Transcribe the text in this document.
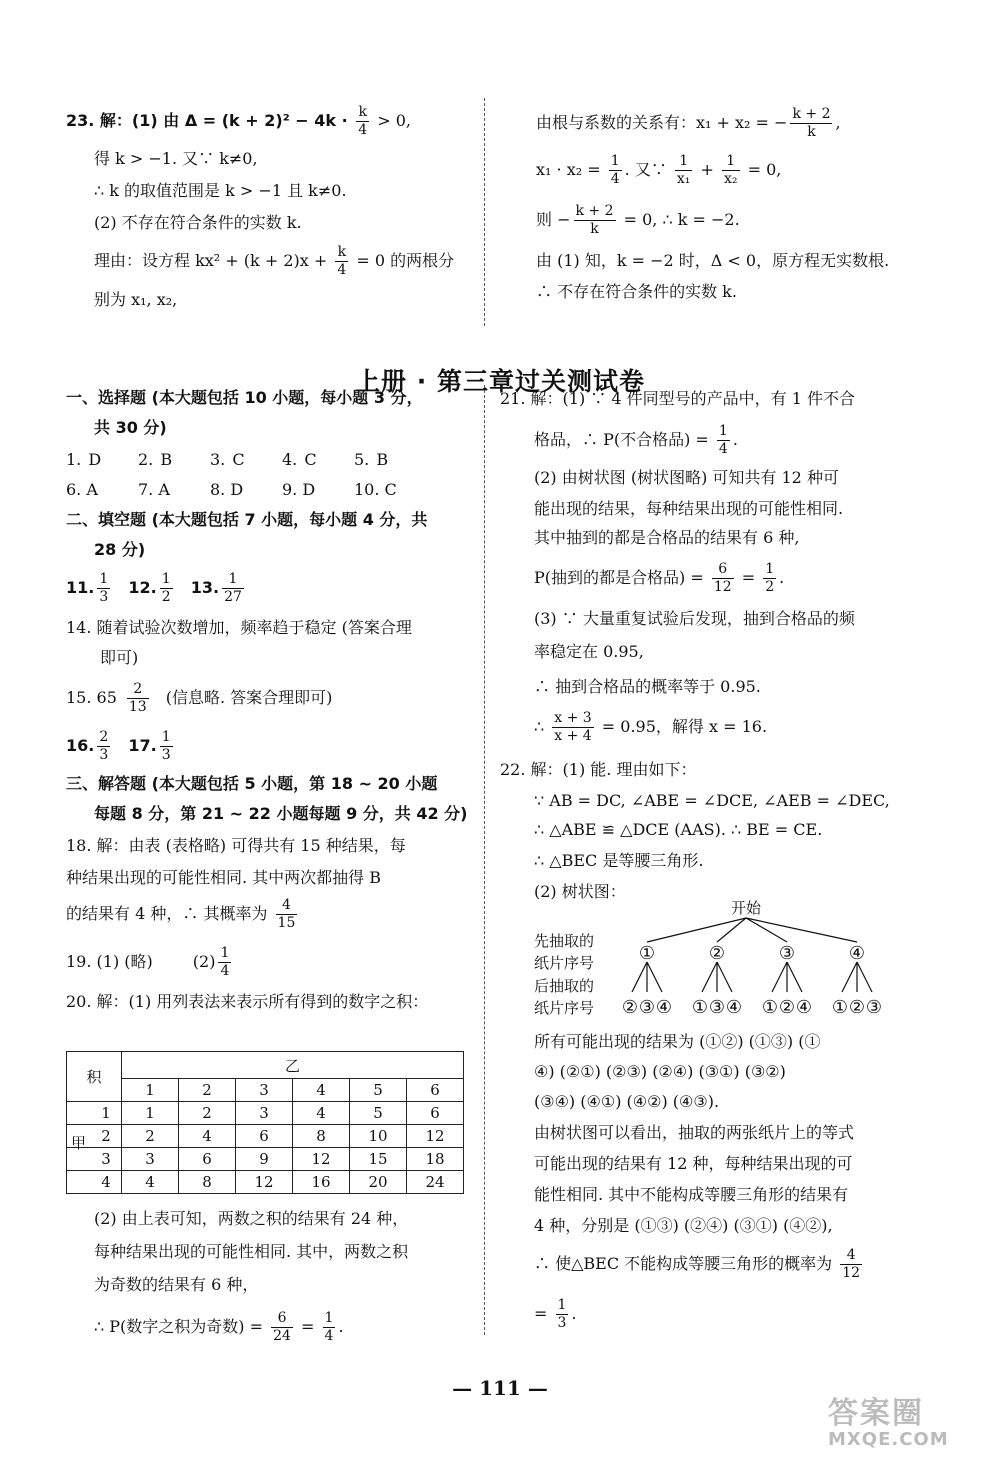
23. 解：(1) 由 $\Delta = (k + 2)^2 - 4k \cdot \frac{k}{4} > 0$,

得 k > −1. 又∵ k≠0,

∴ k 的取值范围是 k > −1 且 k≠0.

(2) 不存在符合条件的实数 k.

理由：设方程 $kx^2 + (k + 2)x + \frac{k}{4} = 0$ 的两根分

别为 x₁, x₂,

由根与系数的关系有：x₁ + x₂ = − $\frac{k + 2}{k}$ ,

$x_1 \cdot x_2 = \frac{1}{4}$ . 又∵ $\frac{1}{\text{x₁}} + \frac{1}{\text{x₂}} = 0$,

则 − $\frac{k + 2}{k} = 0$, ∴ k = −2.

由 (1) 知，k = −2 时，Δ < 0，原方程无实数根.

∴ 不存在符合条件的实数 k.

上册 · 第三章过关测试卷

一、选择题 (本大题包括 10 小题，每小题 3 分，

共 30 分)

1. D 2. B 3. C 4. C 5. B

6. A	7. A	8. D 9. D 10. C

二、填空题 (本大题包括 7 小题，每小题 4 分，共

28 分)

11. $\frac{1}{3} 12$. $\frac{1}{2} 13$. $\frac{1}{27}$

14. 随着试验次数增加，频率趋于稳定 (答案合理

即可)

15. $65 \frac{2}{13}$ (信息略. 答案合理即可)

16. $\frac{2}{3} 17$. $\frac{1}{3}$

三、解答题 (本大题包括 5 小题，第 18 ~ 20 小题

每题 8 分，第 21 ~ 22 小题每题 9 分，共 42 分)

18. 解：由表 (表格略) 可得共有 15 种结果，每

种结果出现的可能性相同. 其中两次都抽得 B

的结果有 4 种，∴ 其概率为 $\frac{4}{15}$

19. (1) (略)	$(2) \frac{1}{4}$

20. 解：(1) 用列表法来表示所有得到的数字之积：

积	乙					
	1	2	3	4	5	6

甲
1	1	2	3	4	5	6
2	2	4	6	8	10	12
3	3	6	9	12	15	18
4	4	8	12	16	20	24

(2) 由上表可知，两数之积的结果有 24 种，

每种结果出现的可能性相同. 其中，两数之积

为奇数的结果有 6 种，

∴ P(数字之积为奇数) = $\frac{6}{24} = \frac{1}{4}$ .

21. 解：(1) ∵ 4 件同型号的产品中，有 1 件不合

格品，∴ P(不合格品) = $\frac{1}{4}$ .

(2) 由树状图 (树状图略) 可知共有 12 种可

能出现的结果，每种结果出现的可能性相同.

其中抽到的都是合格品的结果有 6 种,

P(抽到的都是合格品) = $\frac{6}{12} = \frac{1}{2}$ .

(3) ∵ 大量重复试验后发现，抽到合格品的频

率稳定在 0.95,

∴ 抽到合格品的概率等于 0.95.

∴ $\frac{x + 3}{x + 4} = 0.95$，解得 x = 16.

22. 解：(1) 能. 理由如下：

∵ AB = DC, ∠ABE = ∠DCE, ∠AEB = ∠DEC,

∴ △ABE ≌ △DCE (AAS). ∴ BE = CE.

∴ △BEC 是等腰三角形.

(2) 树状图：

开始
先抽取的
纸片序号
后抽取的
纸片序号
①	②	③	④
② ③ ④ ① ③ ④ ① ② ④ ① ② ③

所有可能出现的结果为 (①②) (①③) (①

④) (②①) (②③) (②④) (③①) (③②)

(③④) (④①) (④②) (④③).

由树状图可以看出，抽取的两张纸片上的等式

可能出现的结果有 12 种，每种结果出现的可

能性相同. 其中不能构成等腰三角形的结果有

4 种，分别是 (①③) (②④) (③①) (④②),

∴ 使△BEC 不能构成等腰三角形的概率为 $\frac{4}{12}$

= $\frac{1}{3}$ .

— 111 —
答案圈
MXQE.COM
